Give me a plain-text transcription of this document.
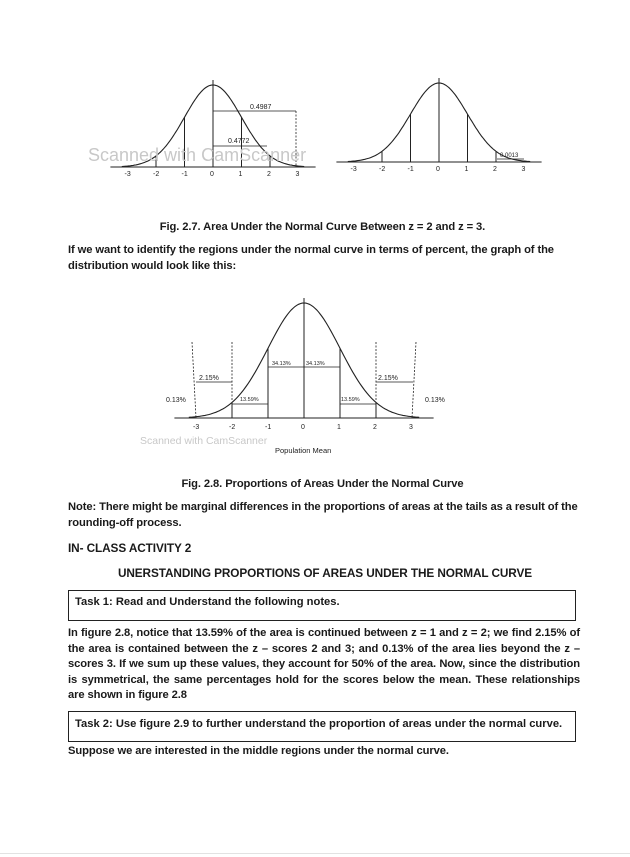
3
2
1
0
-1
-2
-3
Scanned with CamScanner
0.4987
0.4772
3
2
1
0
-1
-2
-3
0.0013
3
2
1
0
-1
-2
-3
Scanned with CamScanner
34.13%	34.13%
13.59%	13.59%
2.15%	2.15%
0.13%	0.13%
Population Mean
Fig. 2.7. Area Under the Normal Curve Between z = 2 and z = 3.
If we want to identify the regions under the normal curve in terms of percent, the graph of the distribution would look like this:
Fig. 2.8. Proportions of Areas Under the Normal Curve
Note: There might be marginal differences in the proportions of areas at the tails as a result of the rounding-off process.
IN- CLASS ACTIVITY 2
UNERSTANDING PROPORTIONS OF AREAS UNDER THE NORMAL CURVE
Task 1: Read and Understand the following notes.
In figure 2.8, notice that 13.59% of the area is continued between z = 1 and z = 2; we find 2.15% of the area is contained between the z – scores 2 and 3; and 0.13% of the area lies beyond the z – scores 3. If we sum up these values, they account for 50% of the area. Now, since the distribution is symmetrical, the same percentages hold for the scores below the mean. These relationships are shown in figure 2.8
Task 2: Use figure 2.9 to further understand the proportion of areas under the normal curve.
Suppose we are interested in the middle regions under the normal curve.
